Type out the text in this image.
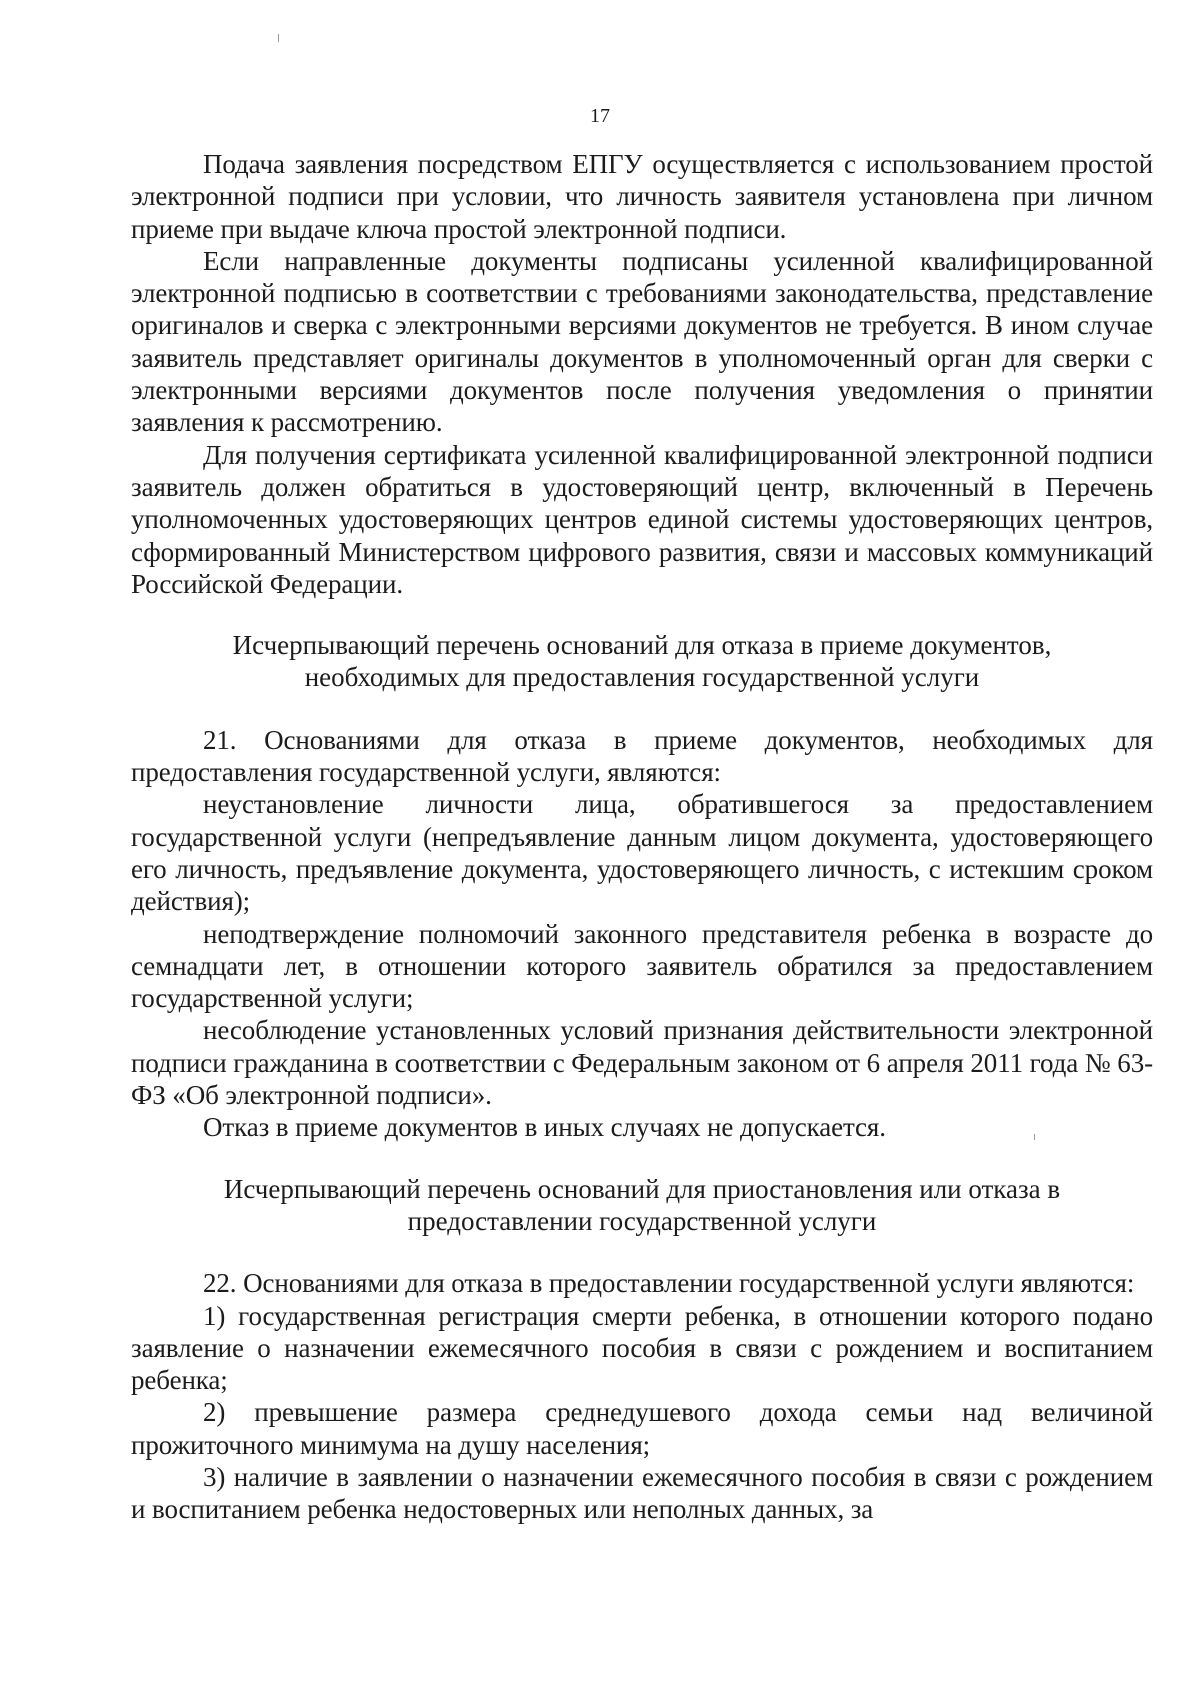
17

Подача заявления посредством ЕПГУ осуществляется с использованием простой электронной подписи при условии, что личность заявителя установлена при личном приеме при выдаче ключа простой электронной подписи.

Если направленные документы подписаны усиленной квалифицированной электронной подписью в соответствии с требованиями законодательства, представление оригиналов и сверка с электронными версиями документов не требуется. В ином случае заявитель представляет оригиналы документов в уполномоченный орган для сверки с электронными версиями документов после получения уведомления о принятии заявления к рассмотрению.

Для получения сертификата усиленной квалифицированной электронной подписи заявитель должен обратиться в удостоверяющий центр, включенный в Перечень уполномоченных удостоверяющих центров единой системы удостоверяющих центров, сформированный Министерством цифрового развития, связи и массовых коммуникаций Российской Федерации.

Исчерпывающий перечень оснований для отказа в приеме документов,

необходимых для предоставления государственной услуги

21. Основаниями для отказа в приеме документов, необходимых для предоставления государственной услуги, являются:

неустановление личности лица, обратившегося за предоставлением государственной услуги (непредъявление данным лицом документа, удостоверяющего его личность, предъявление документа, удостоверяющего личность, с истекшим сроком действия);

неподтверждение полномочий законного представителя ребенка в возрасте до семнадцати лет, в отношении которого заявитель обратился за предоставлением государственной услуги;

несоблюдение установленных условий признания действительности электронной подписи гражданина в соответствии с Федеральным законом от 6 апреля 2011 года № 63-ФЗ «Об электронной подписи».

Отказ в приеме документов в иных случаях не допускается.

Исчерпывающий перечень оснований для приостановления или отказа в

предоставлении государственной услуги

22. Основаниями для отказа в предоставлении государственной услуги являются:

1) государственная регистрация смерти ребенка, в отношении которого подано заявление о назначении ежемесячного пособия в связи с рождением и воспитанием ребенка;

2) превышение размера среднедушевого дохода семьи над величиной прожиточного минимума на душу населения;

3) наличие в заявлении о назначении ежемесячного пособия в связи с рождением и воспитанием ребенка недостоверных или неполных данных, за
